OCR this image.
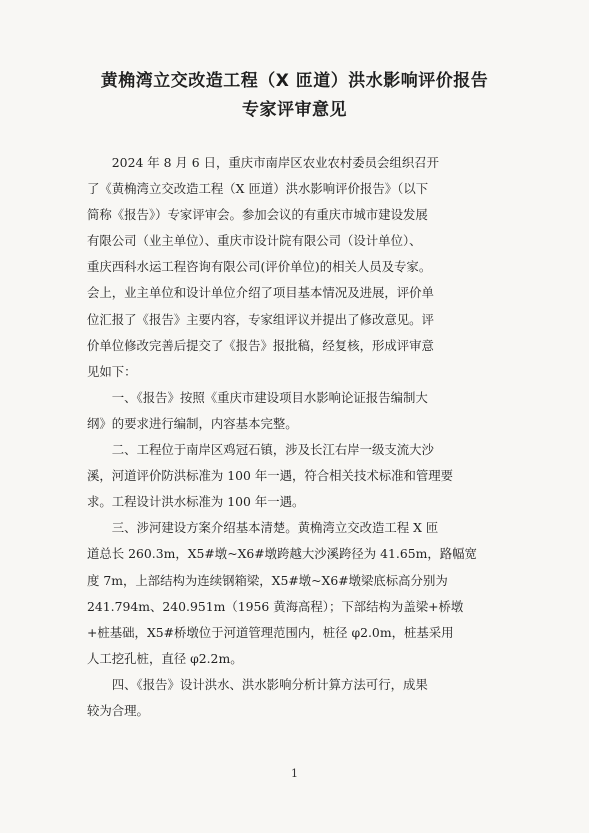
黄桷湾立交改造工程（X 匝道）洪水影响评价报告
专家评审意见
2024 年 8 月 6 日，重庆市南岸区农业农村委员会组织召开
了《黄桷湾立交改造工程（X 匝道）洪水影响评价报告》（以下
简称《报告》）专家评审会。参加会议的有重庆市城市建设发展
有限公司（业主单位）、重庆市设计院有限公司（设计单位）、
重庆西科水运工程咨询有限公司(评价单位)的相关人员及专家。
会上，业主单位和设计单位介绍了项目基本情况及进展，评价单
位汇报了《报告》主要内容，专家组评议并提出了修改意见。评
价单位修改完善后提交了《报告》报批稿，经复核，形成评审意
见如下：
一、《报告》按照《重庆市建设项目水影响论证报告编制大
纲》的要求进行编制，内容基本完整。
二、工程位于南岸区鸡冠石镇，涉及长江右岸一级支流大沙
溪，河道评价防洪标准为 100 年一遇，符合相关技术标准和管理要
求。工程设计洪水标准为 100 年一遇。
三、涉河建设方案介绍基本清楚。黄桷湾立交改造工程 X 匝
道总长 260.3m，X5#墩~X6#墩跨越大沙溪跨径为 41.65m，路幅宽
度 7m，上部结构为连续钢箱梁，X5#墩~X6#墩梁底标高分别为
241.794m、240.951m（1956 黄海高程）；下部结构为盖梁+桥墩
+桩基础，X5#桥墩位于河道管理范围内，桩径 φ2.0m，桩基采用
人工挖孔桩，直径 φ2.2m。
四、《报告》设计洪水、洪水影响分析计算方法可行，成果
较为合理。
1
